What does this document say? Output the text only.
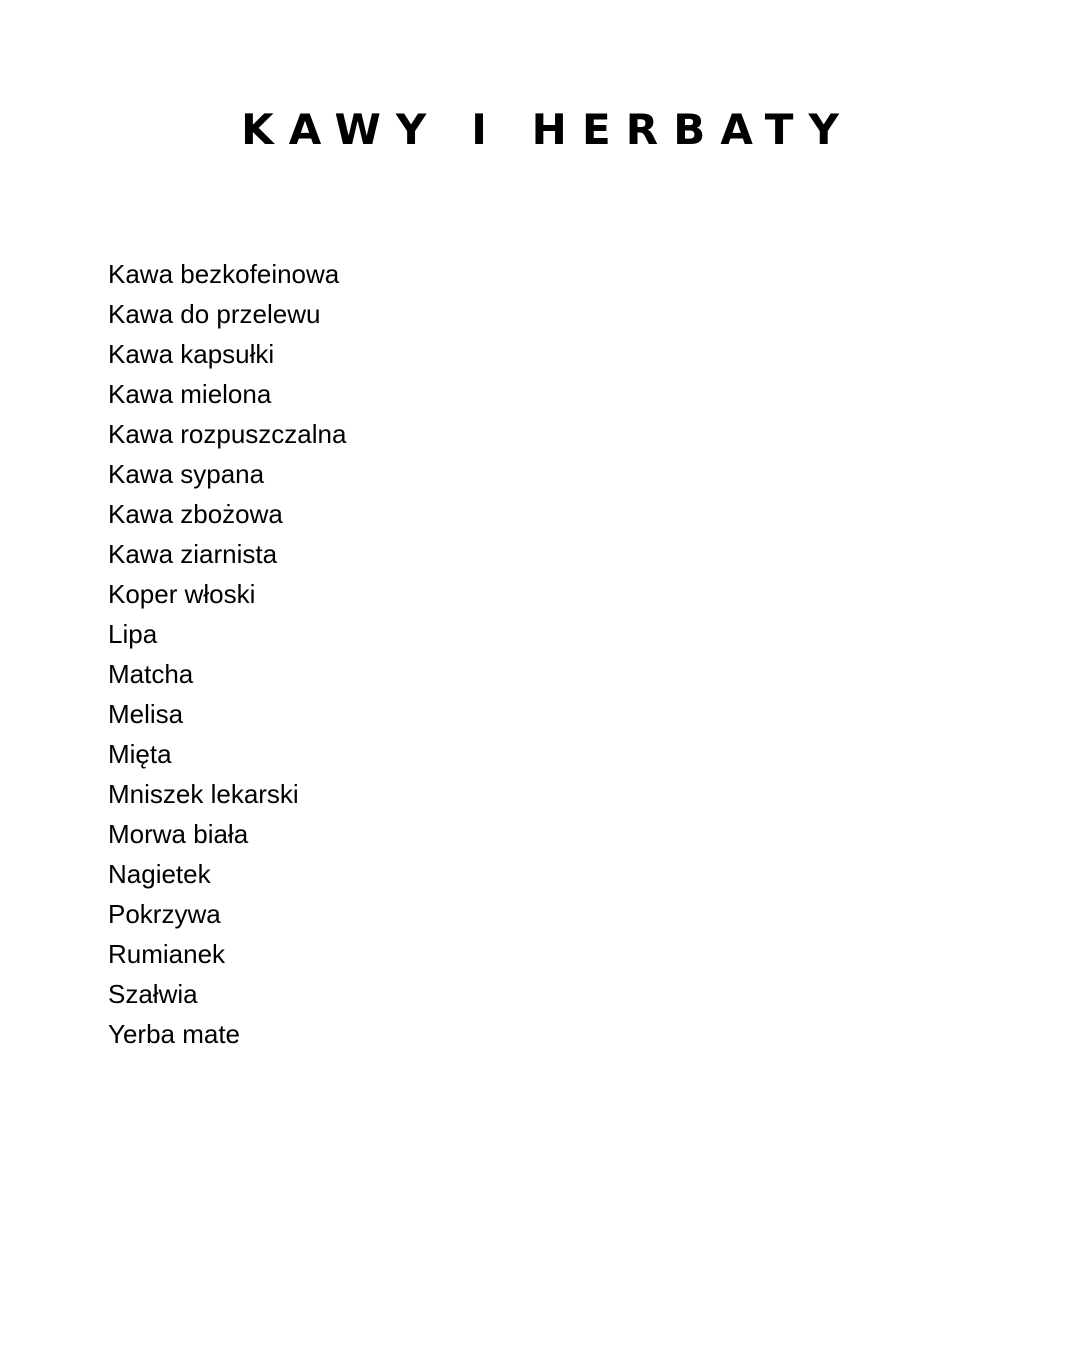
KAWY I HERBATY
Kawa bezkofeinowa
Kawa do przelewu
Kawa kapsułki
Kawa mielona
Kawa rozpuszczalna
Kawa sypana
Kawa zbożowa
Kawa ziarnista
Koper włoski
Lipa
Matcha
Melisa
Mięta
Mniszek lekarski
Morwa biała
Nagietek
Pokrzywa
Rumianek
Szałwia
Yerba mate
